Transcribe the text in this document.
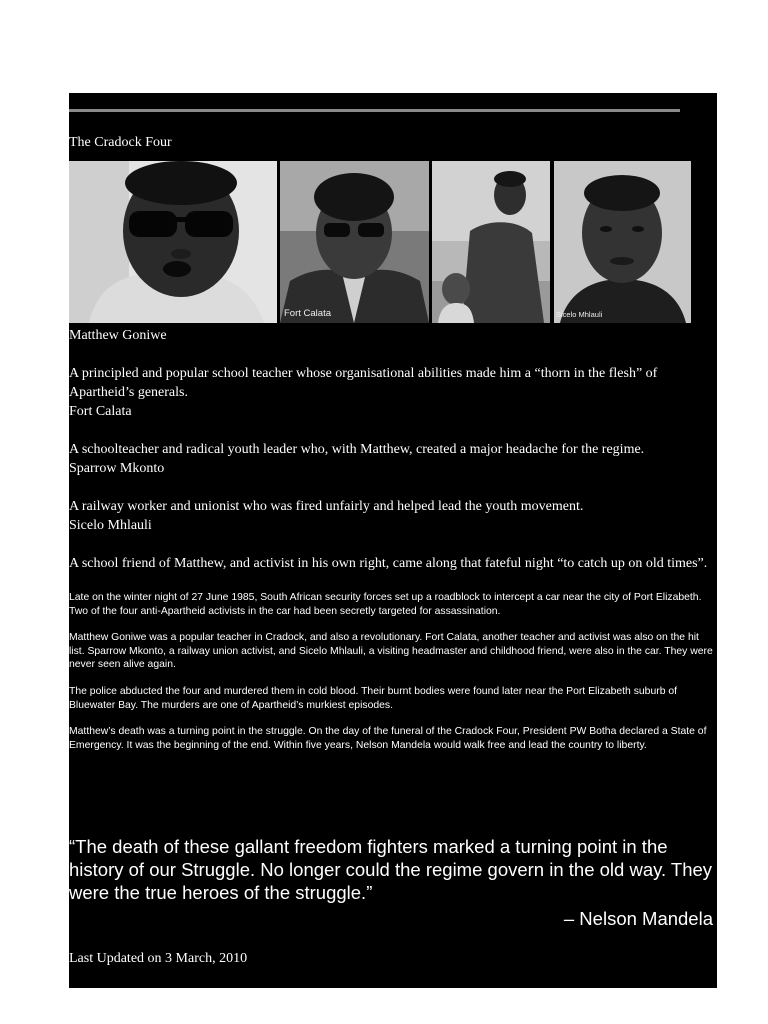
The Cradock Four
Fort Calata	Sicelo Mhlauli

Matthew Goniwe

A principled and popular school teacher whose organisational abilities made him a “thorn in the flesh” of Apartheid’s generals.

Fort Calata

A schoolteacher and radical youth leader who, with Matthew, created a major headache for the regime.

Sparrow Mkonto

A railway worker and unionist who was fired unfairly and helped lead the youth movement.

Sicelo Mhlauli

A school friend of Matthew, and activist in his own right, came along that fateful night “to catch up on old times”.

Late on the winter night of 27 June 1985, South African security forces set up a roadblock to intercept a car near the city of Port Elizabeth. Two of the four anti-Apartheid activists in the car had been secretly targeted for assassination.

Matthew Goniwe was a popular teacher in Cradock, and also a revolutionary. Fort Calata, another teacher and activist was also on the hit list. Sparrow Mkonto, a railway union activist, and Sicelo Mhlauli, a visiting headmaster and childhood friend, were also in the car. They were never seen alive again.

The police abducted the four and murdered them in cold blood. Their burnt bodies were found later near the Port Elizabeth suburb of Bluewater Bay. The murders are one of Apartheid’s murkiest episodes.

Matthew’s death was a turning point in the struggle. On the day of the funeral of the Cradock Four, President PW Botha declared a State of Emergency. It was the beginning of the end. Within five years, Nelson Mandela would walk free and lead the country to liberty.

“The death of these gallant freedom fighters marked a turning point in the history of our Struggle. No longer could the regime govern in the old way. They were the true heroes of the struggle.”
– Nelson Mandela
Last Updated on 3 March, 2010
